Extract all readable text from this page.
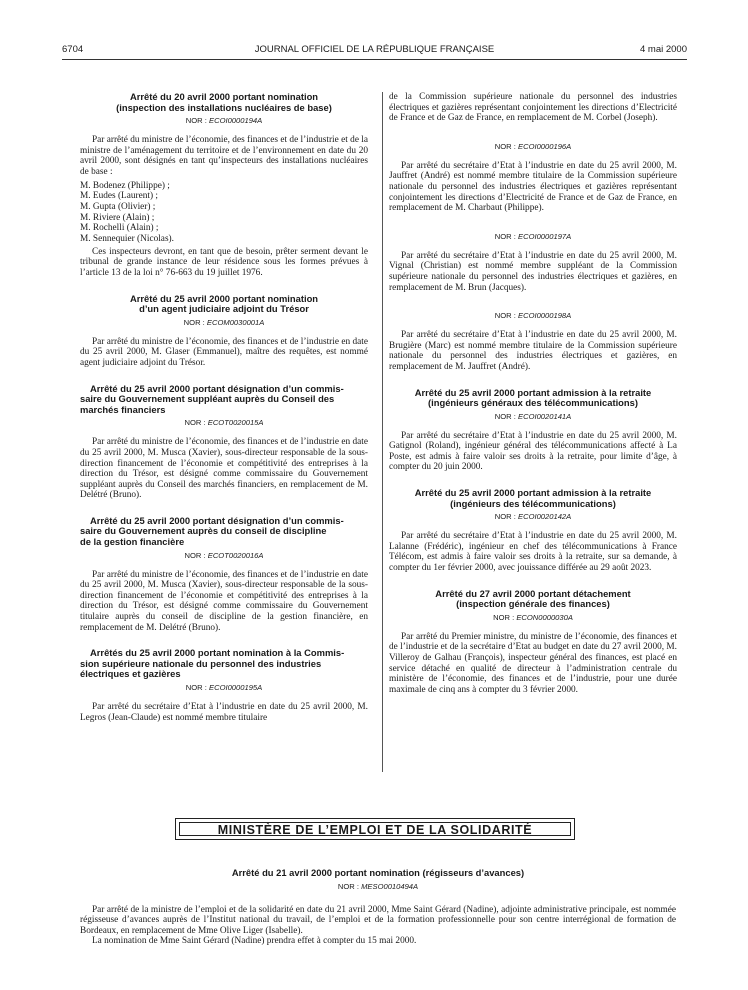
6704	JOURNAL OFFICIEL DE LA RÉPUBLIQUE FRANÇAISE	4 mai 2000

Arrêté du 20 avril 2000 portant nomination
(inspection des installations nucléaires de base)

NOR : ECOI0000194A

Par arrêté du ministre de l’économie, des finances et de l’industrie et de la ministre de l’aménagement du territoire et de l’environnement en date du 20 avril 2000, sont désignés en tant qu’inspecteurs des installations nucléaires de base :

M. Bodenez (Philippe) ;
M. Eudes (Laurent) ;
M. Gupta (Olivier) ;
M. Riviere (Alain) ;
M. Rochelli (Alain) ;
M. Sennequier (Nicolas).

Ces inspecteurs devront, en tant que de besoin, prêter serment devant le tribunal de grande instance de leur résidence sous les formes prévues à l’article 13 de la loi n° 76-663 du 19 juillet 1976.

Arrêté du 25 avril 2000 portant nomination
d’un agent judiciaire adjoint du Trésor

NOR : ECOM0030001A

Par arrêté du ministre de l’économie, des finances et de l’industrie en date du 25 avril 2000, M. Glaser (Emmanuel), maître des requêtes, est nommé agent judiciaire adjoint du Trésor.

Arrêté du 25 avril 2000 portant désignation d’un commis-
saire du Gouvernement suppléant auprès du Conseil des
marchés financiers

NOR : ECOT0020015A

Par arrêté du ministre de l’économie, des finances et de l’industrie en date du 25 avril 2000, M. Musca (Xavier), sous-directeur responsable de la sous-direction financement de l’économie et compétitivité des entreprises à la direction du Trésor, est désigné comme commissaire du Gouvernement suppléant auprès du Conseil des marchés financiers, en remplacement de M. Delétré (Bruno).

Arrêté du 25 avril 2000 portant désignation d’un commis-
saire du Gouvernement auprès du conseil de discipline
de la gestion financière

NOR : ECOT0020016A

Par arrêté du ministre de l’économie, des finances et de l’industrie en date du 25 avril 2000, M. Musca (Xavier), sous-directeur responsable de la sous-direction financement de l’économie et compétitivité des entreprises à la direction du Trésor, est désigné comme commissaire du Gouvernement titulaire auprès du conseil de discipline de la gestion financière, en remplacement de M. Delétré (Bruno).

Arrêtés du 25 avril 2000 portant nomination à la Commis-
sion supérieure nationale du personnel des industries
électriques et gazières

NOR : ECOI0000195A

Par arrêté du secrétaire d’Etat à l’industrie en date du 25 avril 2000, M. Legros (Jean-Claude) est nommé membre titulaire

de la Commission supérieure nationale du personnel des industries électriques et gazières représentant conjointement les directions d’Electricité de France et de Gaz de France, en remplacement de M. Corbel (Joseph).

NOR : ECOI0000196A

Par arrêté du secrétaire d’Etat à l’industrie en date du 25 avril 2000, M. Jauffret (André) est nommé membre titulaire de la Commission supérieure nationale du personnel des industries électriques et gazières représentant conjointement les directions d’Electricité de France et de Gaz de France, en remplacement de M. Charbaut (Philippe).

NOR : ECOI0000197A

Par arrêté du secrétaire d’Etat à l’industrie en date du 25 avril 2000, M. Vignal (Christian) est nommé membre suppléant de la Commission supérieure nationale du personnel des industries électriques et gazières, en remplacement de M. Brun (Jacques).

NOR : ECOI0000198A

Par arrêté du secrétaire d’Etat à l’industrie en date du 25 avril 2000, M. Brugière (Marc) est nommé membre titulaire de la Commission supérieure nationale du personnel des industries électriques et gazières, en remplacement de M. Jauffret (André).

Arrêté du 25 avril 2000 portant admission à la retraite
(ingénieurs généraux des télécommunications)

NOR : ECOI0020141A

Par arrêté du secrétaire d’Etat à l’industrie en date du 25 avril 2000, M. Gatignol (Roland), ingénieur général des télécommunications affecté à La Poste, est admis à faire valoir ses droits à la retraite, pour limite d’âge, à compter du 20 juin 2000.

Arrêté du 25 avril 2000 portant admission à la retraite
(ingénieurs des télécommunications)

NOR : ECOI0020142A

Par arrêté du secrétaire d’Etat à l’industrie en date du 25 avril 2000, M. Lalanne (Frédéric), ingénieur en chef des télécommunications à France Télécom, est admis à faire valoir ses droits à la retraite, sur sa demande, à compter du 1er février 2000, avec jouissance différée au 29 août 2023.

Arrêté du 27 avril 2000 portant détachement
(inspection générale des finances)

NOR : ECON0000030A

Par arrêté du Premier ministre, du ministre de l’économie, des finances et de l’industrie et de la secrétaire d’Etat au budget en date du 27 avril 2000, M. Villeroy de Galhau (François), inspecteur général des finances, est placé en service détaché en qualité de directeur à l’administration centrale du ministère de l’économie, des finances et de l’industrie, pour une durée maximale de cinq ans à compter du 3 février 2000.

MINISTÈRE DE L’EMPLOI ET DE LA SOLIDARITÉ

Arrêté du 21 avril 2000 portant nomination (régisseurs d’avances)

NOR : MESO0010494A

Par arrêté de la ministre de l’emploi et de la solidarité en date du 21 avril 2000, Mme Saint Gérard (Nadine), adjointe administrative principale, est nommée régisseuse d’avances auprès de l’Institut national du travail, de l’emploi et de la formation professionnelle pour son centre interrégional de formation de Bordeaux, en remplacement de Mme Olive Liger (Isabelle).

La nomination de Mme Saint Gérard (Nadine) prendra effet à compter du 15 mai 2000.
